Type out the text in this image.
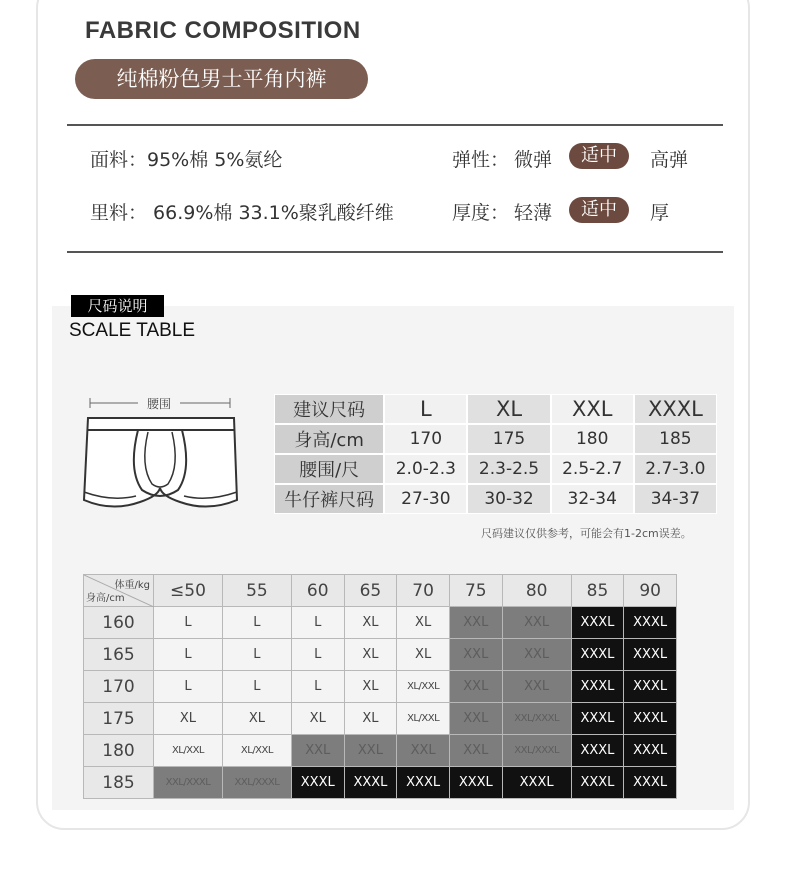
FABRIC COMPOSITION
纯棉粉色男士平角内裤
面料：95%棉 5%氨纶
里料： 66.9%棉 33.1%聚乳酸纤维
弹性： 微弹	适中	高弹
厚度： 轻薄	适中	厚
尺码说明
SCALE TABLE
腰围	建议尺码	L	XL	XXL	XXXL
身高/cm	170	175	180	185
腰围/尺	2.0-2.3	2.3-2.5	2.5-2.7	2.7-3.0
牛仔裤尺码	27-30	30-32	32-34	34-37
尺码建议仅供参考，可能会有1-2cm误差。
体重/kg
身高/cm	≤50	55	60	65	70	75	80	85	90
160	L	L	L	XL	XL	XXL	XXL	XXXL	XXXL
165	L	L	L	XL	XL	XXL	XXL	XXXL	XXXL
170	L	L	L	XL	XL/XXL	XXL	XXL	XXXL	XXXL
175	XL	XL	XL	XL	XL/XXL	XXL	XXL/XXXL	XXXL	XXXL
180	XL/XXL	XL/XXL	XXL	XXL	XXL	XXL	XXL/XXXL	XXXL	XXXL
185	XXL/XXXL	XXL/XXXL	XXXL	XXXL	XXXL	XXXL	XXXL	XXXL	XXXL
